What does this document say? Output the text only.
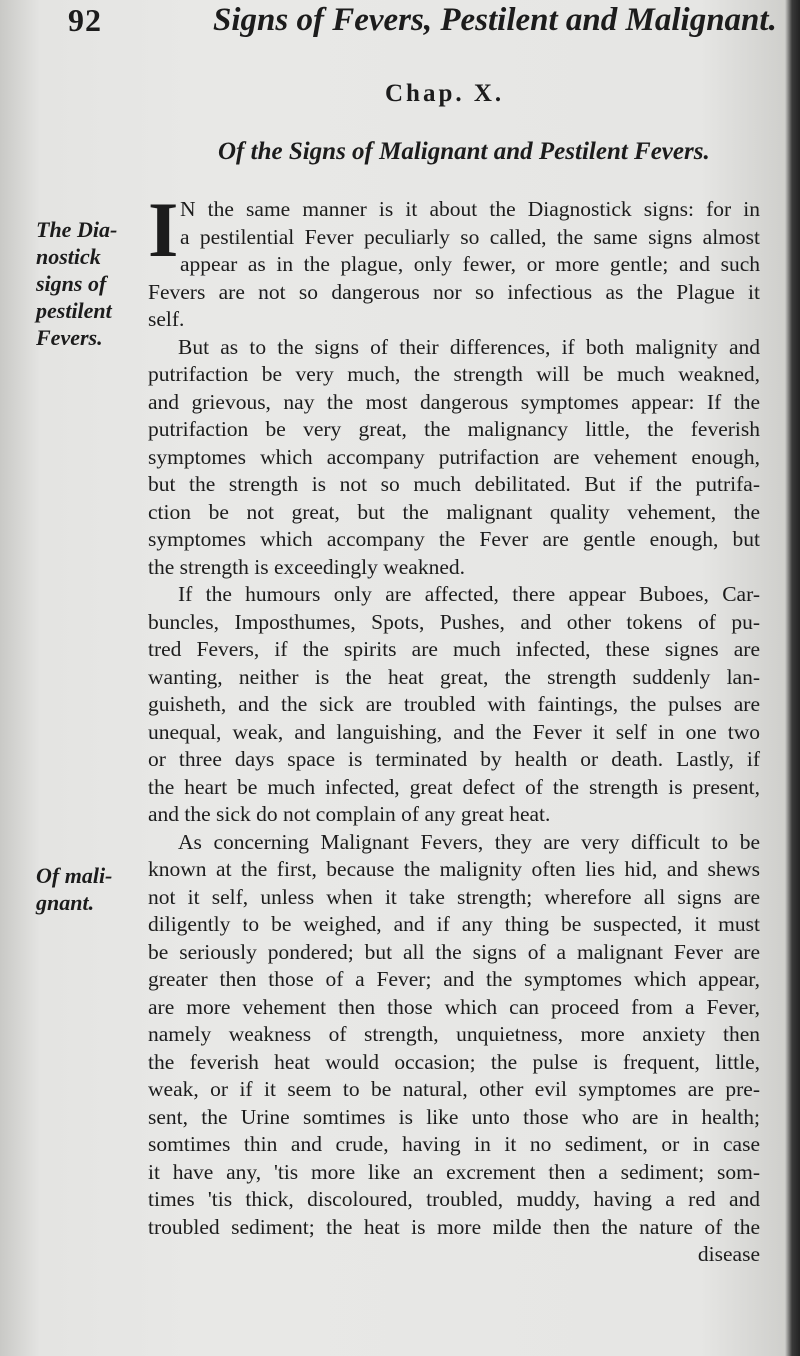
92	Signs of Fevers, Pestilent and Malignant.
Chap. X.
Of the Signs of Malignant and Pestilent Fevers.
The Dia-
nostick
signs of
pestilent
Fevers.
Of mali-
gnant.
I N the same manner is it about the Diagnostick signs: for in
a pestilential Fever peculiarly so called, the same signs almost
appear as in the plague, only fewer, or more gentle; and such
Fevers are not so dangerous nor so infectious as the Plague it
self.
But as to the signs of their differences, if both malignity and
putrifaction be very much, the strength will be much weakned,
and grievous, nay the most dangerous symptomes appear: If the
putrifaction be very great, the malignancy little, the feverish
symptomes which accompany putrifaction are vehement enough,
but the strength is not so much debilitated. But if the putrifa-
ction be not great, but the malignant quality vehement, the
symptomes which accompany the Fever are gentle enough, but
the strength is exceedingly weakned.
If the humours only are affected, there appear Buboes, Car-
buncles, Imposthumes, Spots, Pushes, and other tokens of pu-
tred Fevers, if the spirits are much infected, these signes are
wanting, neither is the heat great, the strength suddenly lan-
guisheth, and the sick are troubled with faintings, the pulses are
unequal, weak, and languishing, and the Fever it self in one two
or three days space is terminated by health or death. Lastly, if
the heart be much infected, great defect of the strength is present,
and the sick do not complain of any great heat.
As concerning Malignant Fevers, they are very difficult to be
known at the first, because the malignity often lies hid, and shews
not it self, unless when it take strength; wherefore all signs are
diligently to be weighed, and if any thing be suspected, it must
be seriously pondered; but all the signs of a malignant Fever are
greater then those of a Fever; and the symptomes which appear,
are more vehement then those which can proceed from a Fever,
namely weakness of strength, unquietness, more anxiety then
the feverish heat would occasion; the pulse is frequent, little,
weak, or if it seem to be natural, other evil symptomes are pre-
sent, the Urine somtimes is like unto those who are in health;
somtimes thin and crude, having in it no sediment, or in case
it have any, 'tis more like an excrement then a sediment; som-
times 'tis thick, discoloured, troubled, muddy, having a red and
troubled sediment; the heat is more milde then the nature of the
disease
